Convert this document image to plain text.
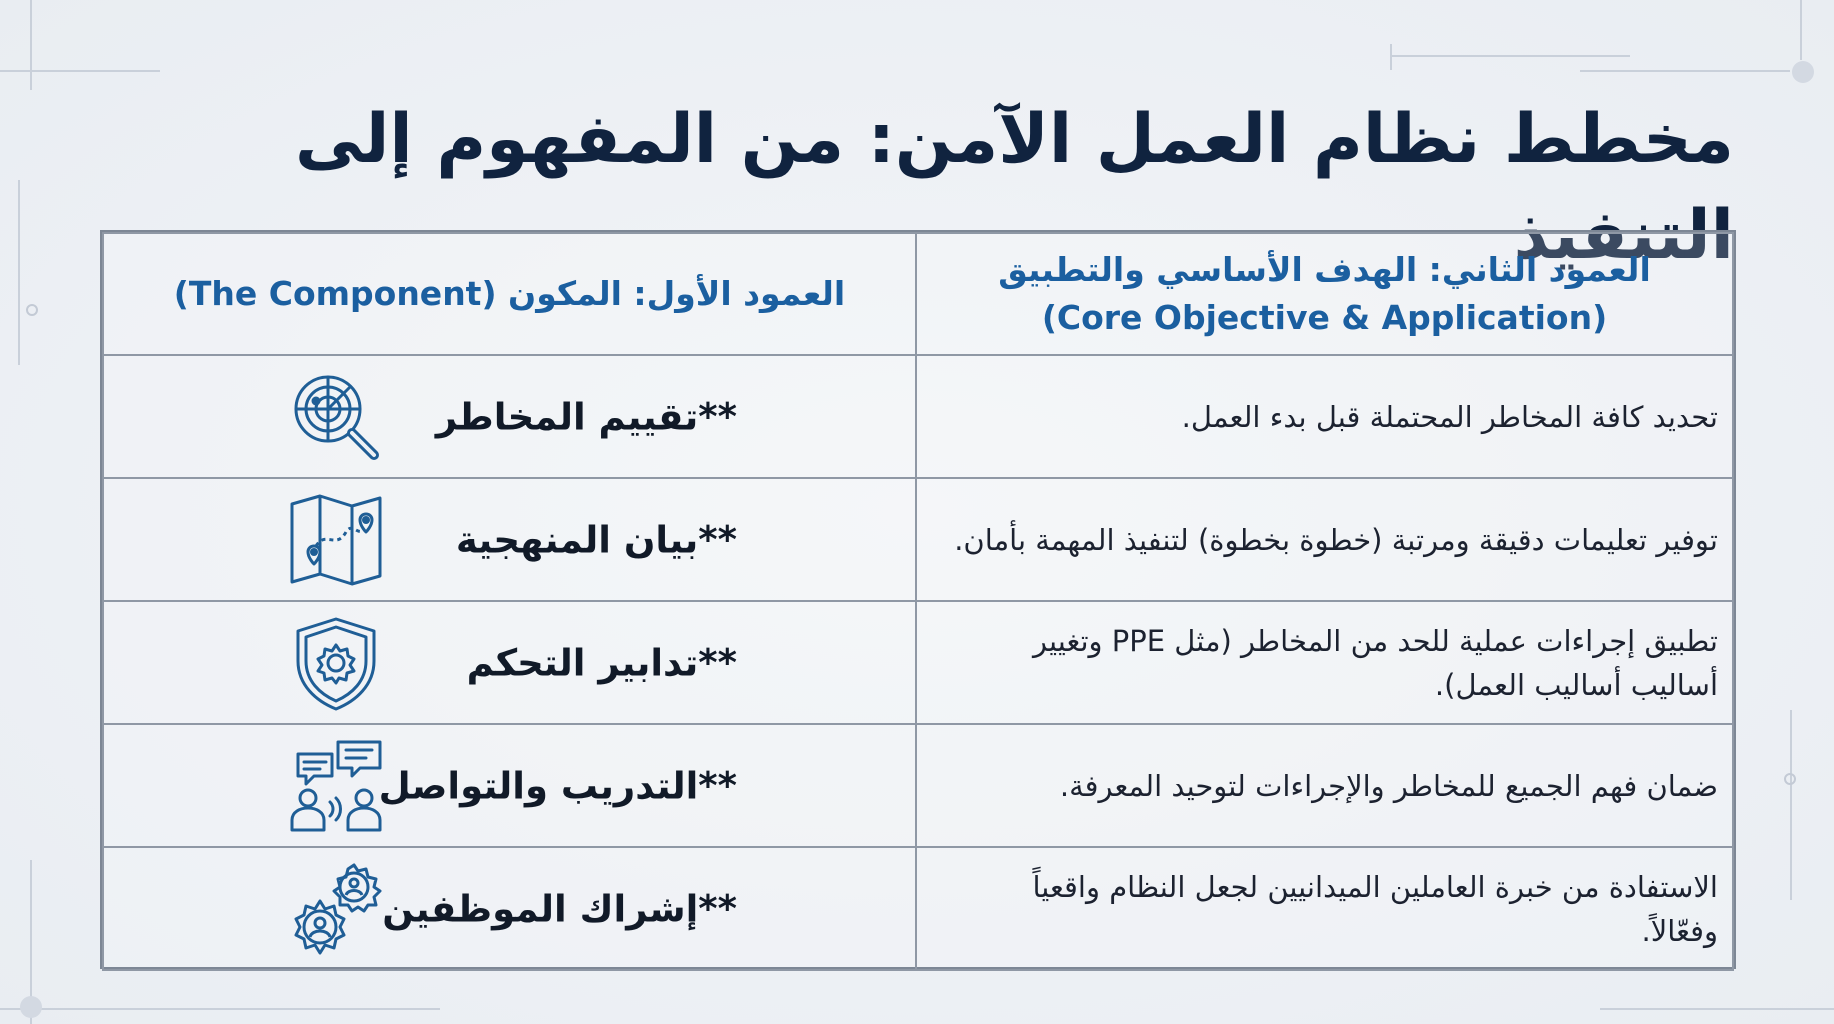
مخطط نظام العمل الآمن: من المفهوم إلى التنفيذ
العمود الثاني: الهدف الأساسي والتطبيق
(Core Objective & Application)	العمود الأول: المكون (The Component)
تحديد كافة المخاطر المحتملة قبل بدء العمل.	**تقييم المخاطر

توفير تعليمات دقيقة ومرتبة (خطوة بخطوة) لتنفيذ المهمة بأمان.	**بيان المنهجية

تطبيق إجراءات عملية للحد من المخاطر (مثل PPE وتغيير أساليب أساليب العمل).	**تدابير التحكم

ضمان فهم الجميع للمخاطر والإجراءات لتوحيد المعرفة.	**التدريب والتواصل

الاستفادة من خبرة العاملين الميدانيين لجعل النظام واقعياً وفعّالاً.	**إشراك الموظفين
